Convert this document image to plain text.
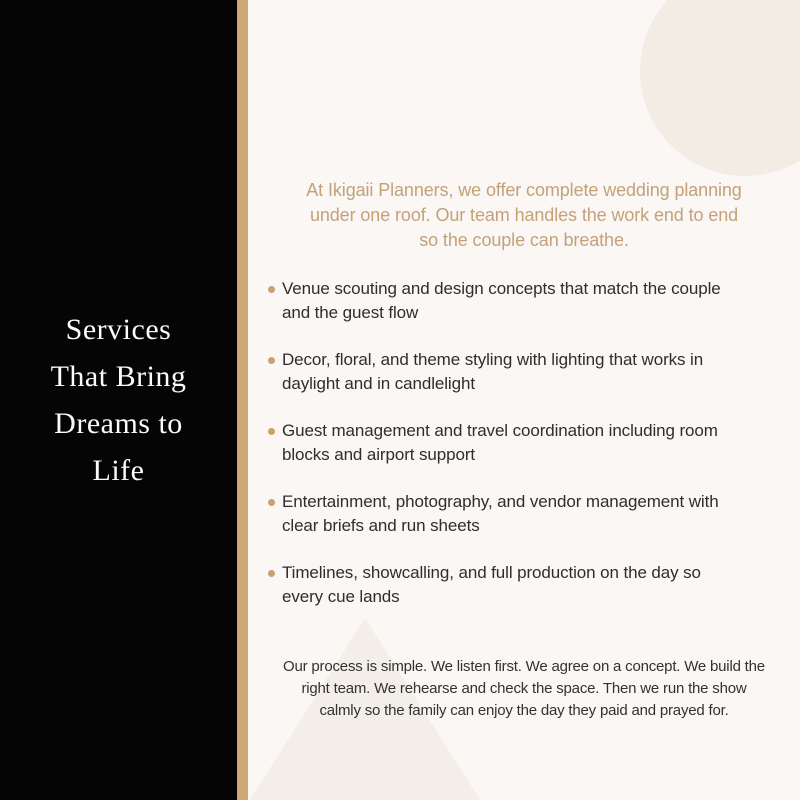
Services
That Bring
Dreams to
Life

At Ikigaii Planners, we offer complete wedding planning
under one roof. Our team handles the work end to end
so the couple can breathe.

Venue scouting and design concepts that match the couple
and the guest flow
Decor, floral, and theme styling with lighting that works in
daylight and in candlelight
Guest management and travel coordination including room
blocks and airport support
Entertainment, photography, and vendor management with
clear briefs and run sheets
Timelines, showcalling, and full production on the day so
every cue lands

Our process is simple. We listen first. We agree on a concept. We build the
right team. We rehearse and check the space. Then we run the show
calmly so the family can enjoy the day they paid and prayed for.
